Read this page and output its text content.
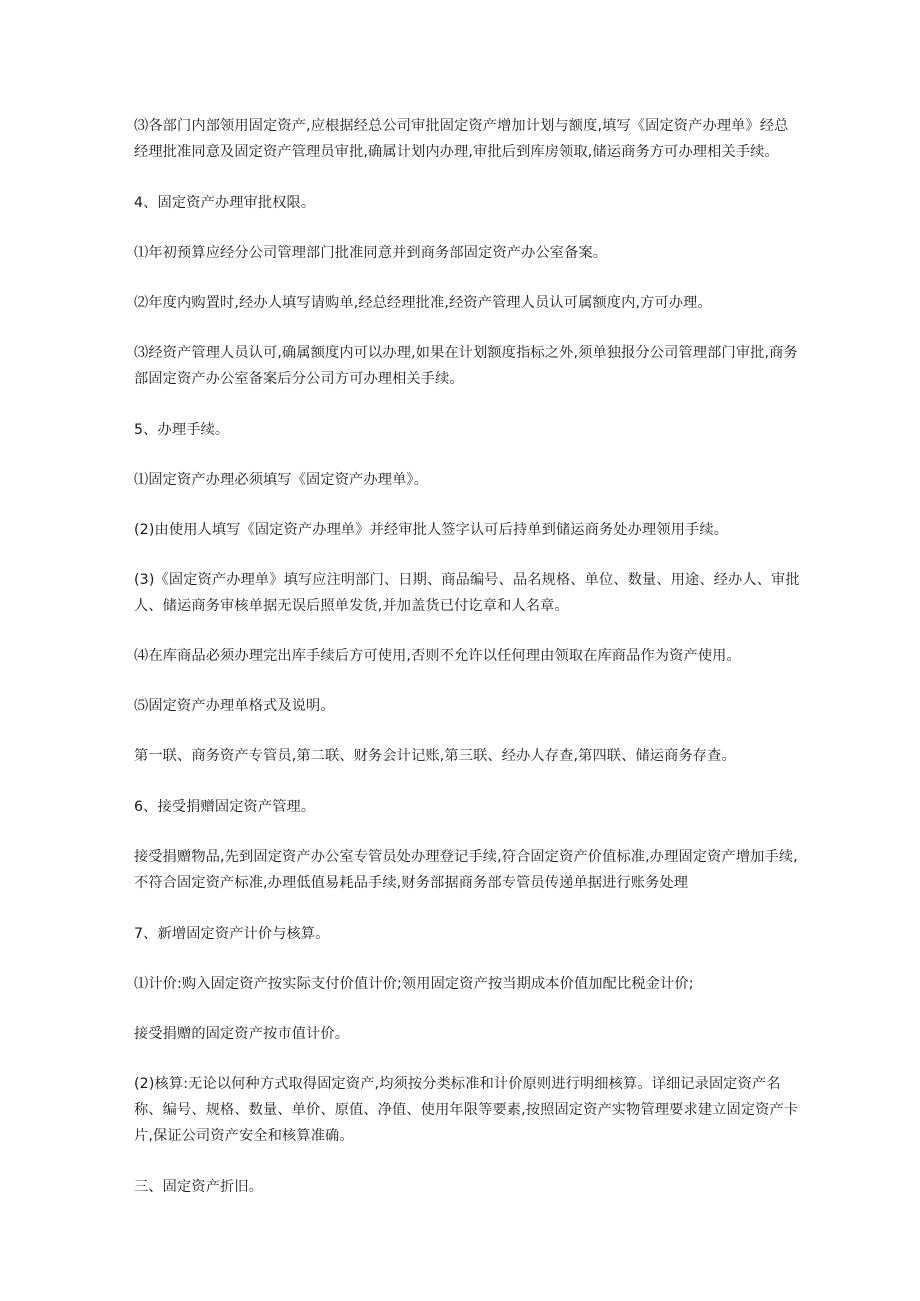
⑶各部门内部领用固定资产,应根据经总公司审批固定资产增加计划与额度,填写《固定资产办理单》经总经理批准同意及固定资产管理员审批,确属计划内办理,审批后到库房领取,储运商务方可办理相关手续。

4、固定资产办理审批权限。

⑴年初预算应经分公司管理部门批准同意并到商务部固定资产办公室备案。

⑵年度内购置时,经办人填写请购单,经总经理批准,经资产管理人员认可属额度内,方可办理。

⑶经资产管理人员认可,确属额度内可以办理,如果在计划额度指标之外,须单独报分公司管理部门审批,商务部固定资产办公室备案后分公司方可办理相关手续。

5、办理手续。

⑴固定资产办理必须填写《固定资产办理单》。

(2)由使用人填写《固定资产办理单》并经审批人签字认可后持单到储运商务处办理领用手续。

(3)《固定资产办理单》填写应注明部门、日期、商品编号、品名规格、单位、数量、用途、经办人、审批人、储运商务审核单据无误后照单发货,并加盖货已付讫章和人名章。

⑷在库商品必须办理完出库手续后方可使用,否则不允许以任何理由领取在库商品作为资产使用。

⑸固定资产办理单格式及说明。

第一联、商务资产专管员,第二联、财务会计记账,第三联、经办人存查,第四联、储运商务存查。

6、接受捐赠固定资产管理。

接受捐赠物品,先到固定资产办公室专管员处办理登记手续,符合固定资产价值标准,办理固定资产增加手续,不符合固定资产标准,办理低值易耗品手续,财务部据商务部专管员传递单据进行账务处理

7、新增固定资产计价与核算。

⑴计价:购入固定资产按实际支付价值计价;领用固定资产按当期成本价值加配比税金计价;

接受捐赠的固定资产按市值计价。

(2)核算:无论以何种方式取得固定资产,均须按分类标准和计价原则进行明细核算。详细记录固定资产名称、编号、规格、数量、单价、原值、净值、使用年限等要素,按照固定资产实物管理要求建立固定资产卡片,保证公司资产安全和核算准确。

三、固定资产折旧。
